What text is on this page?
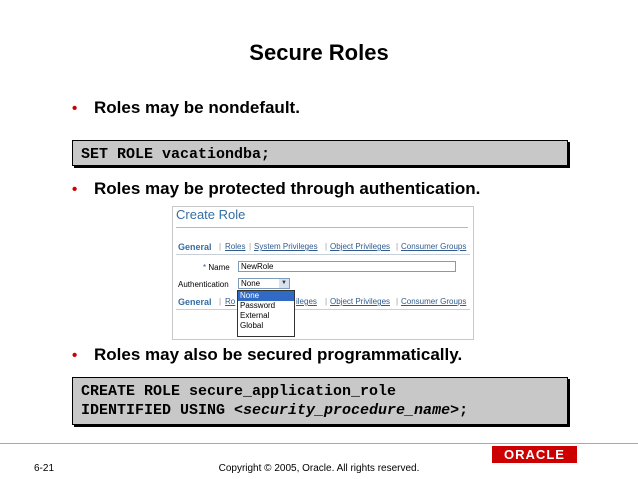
Secure Roles
• Roles may be nondefault.
SET ROLE vacationdba;
• Roles may be protected through authentication.
Create Role
General | Roles | System Privileges | Object Privileges | Consumer Groups
* Name	NewRole
Authentication	None	▼
General | Ro	ileges | Object Privileges | Consumer Groups
None
Password
External
Global
• Roles may also be secured programmatically.
CREATE ROLE secure_application_role
IDENTIFIED USING <security_procedure_name>;
ORACLE
6-21	Copyright © 2005, Oracle. All rights reserved.
